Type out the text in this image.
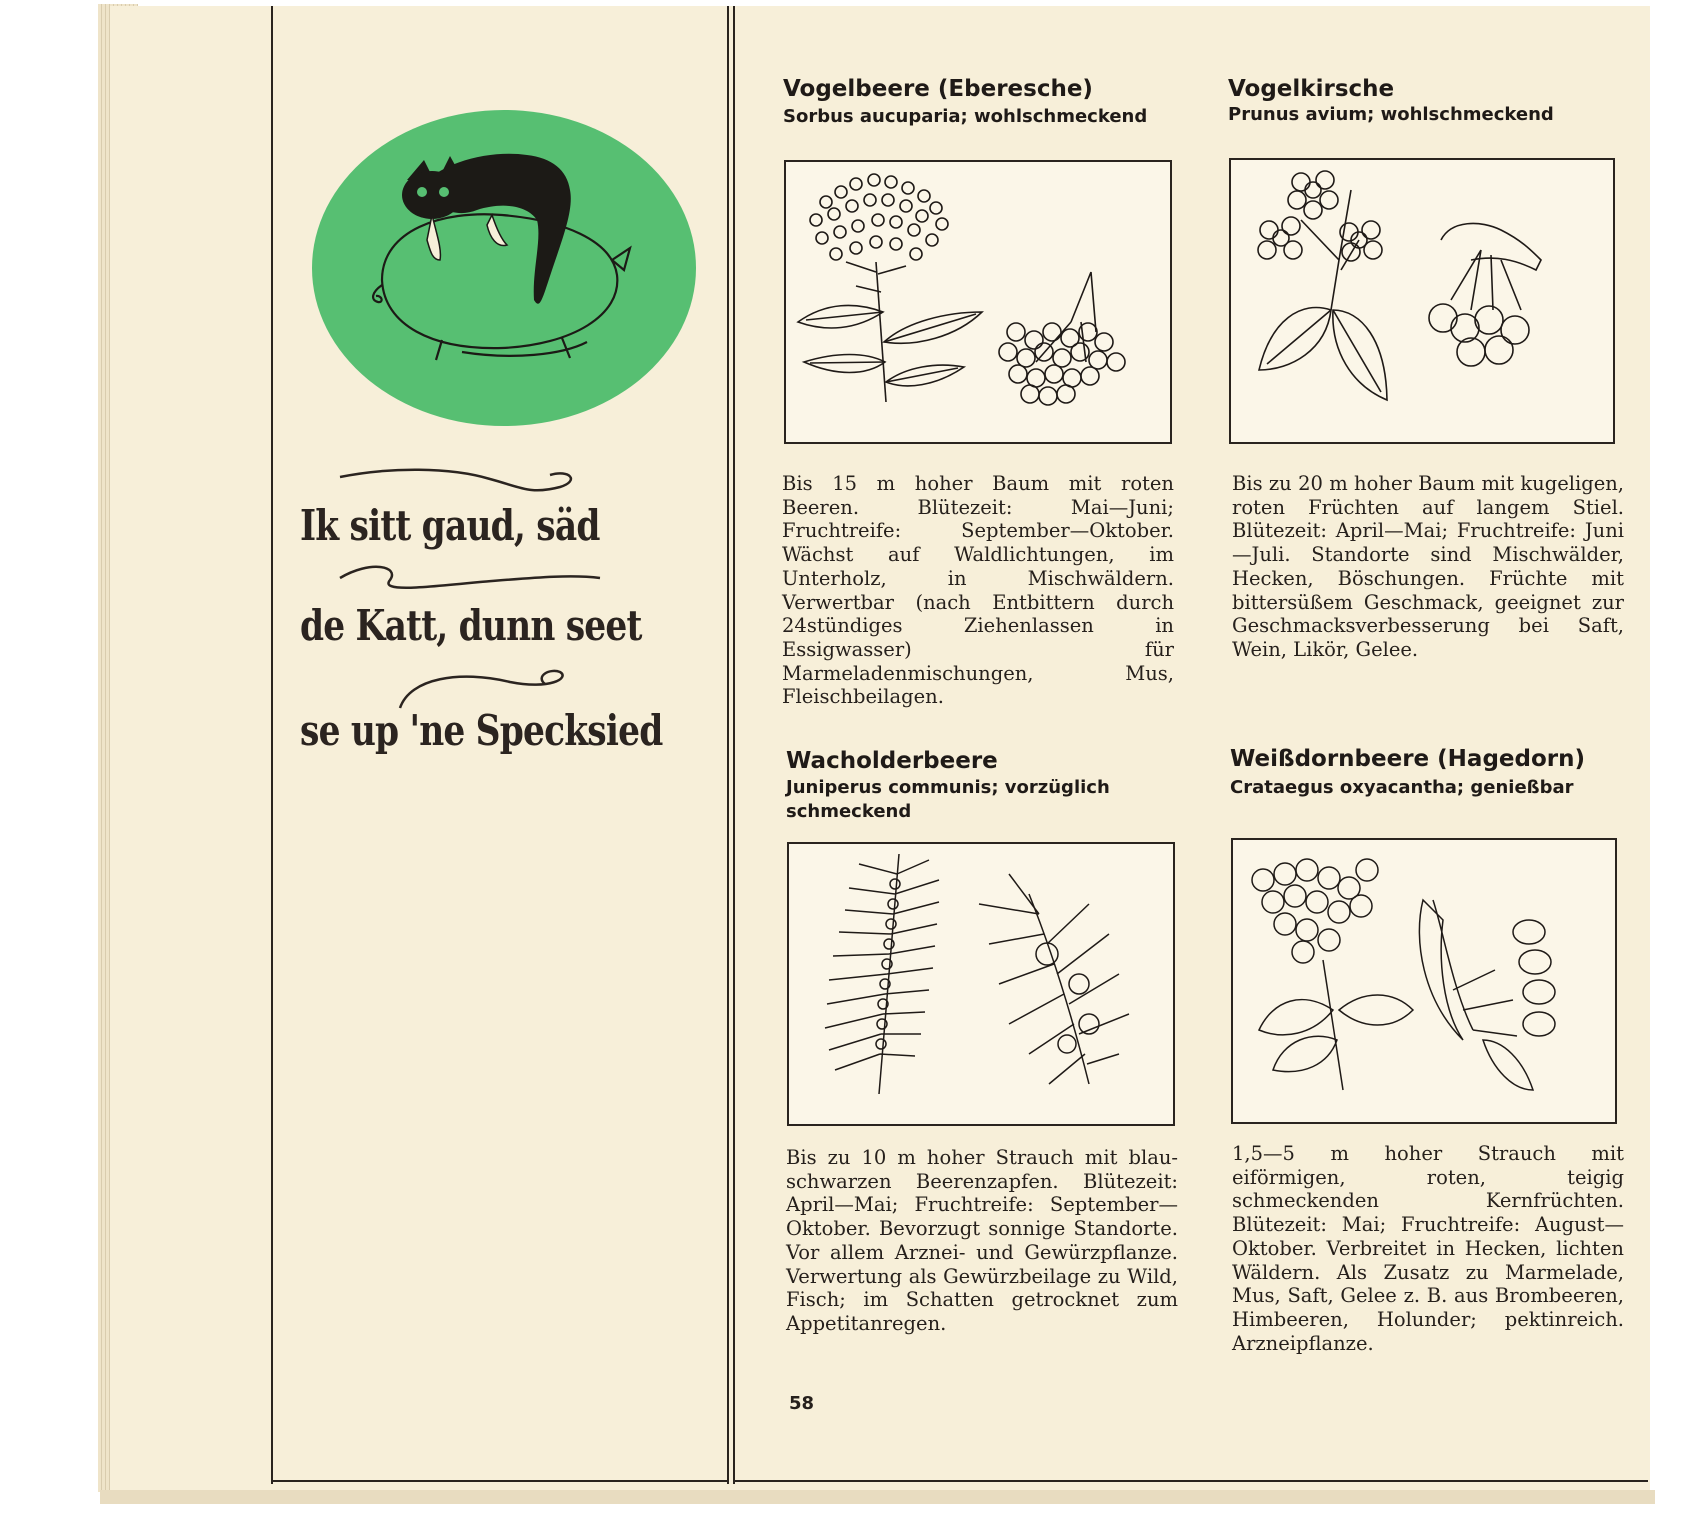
Ik sitt gaud, säd
de Katt, dunn seet
se up 'ne Specksied
Vogelbeere (Eberesche)
Sorbus aucuparia; wohlschmeckend

Bis 15 m hoher Baum mit roten Beeren. Blütezeit: Mai—Juni; Fruchtreife: September—Oktober. Wächst auf Waldlichtungen, im Unterholz, in Mischwäldern. Verwertbar (nach Entbittern durch 24stündiges Ziehenlassen in Essigwasser) für Marmeladenmischungen, Mus, Fleischbeilagen.

Vogelkirsche
Prunus avium; wohlschmeckend

Bis zu 20 m hoher Baum mit kugeligen, roten Früchten auf langem Stiel. Blütezeit: April—Mai; Fruchtreife: Juni—Juli. Standorte sind Mischwälder, Hecken, Böschungen. Früchte mit bittersüßem Geschmack, geeignet zur Geschmacksverbesserung bei Saft, Wein, Likör, Gelee.

Wacholderbeere
Juniperus communis; vorzüglich schmeckend

Bis zu 10 m hoher Strauch mit blau-schwarzen Beerenzapfen. Blütezeit: April—Mai; Fruchtreife: September—Oktober. Bevorzugt sonnige Standorte. Vor allem Arznei- und Gewürzpflanze. Verwertung als Gewürzbeilage zu Wild, Fisch; im Schatten getrocknet zum Appetitanregen.

Weißdornbeere (Hagedorn)
Crataegus oxyacantha; genießbar

1,5—5 m hoher Strauch mit eiförmigen, roten, teigig schmeckenden Kernfrüchten. Blütezeit: Mai; Fruchtreife: August—Oktober. Verbreitet in Hecken, lichten Wäldern. Als Zusatz zu Marmelade, Mus, Saft, Gelee z. B. aus Brombeeren, Himbeeren, Holunder; pektinreich. Arzneipflanze.

58
